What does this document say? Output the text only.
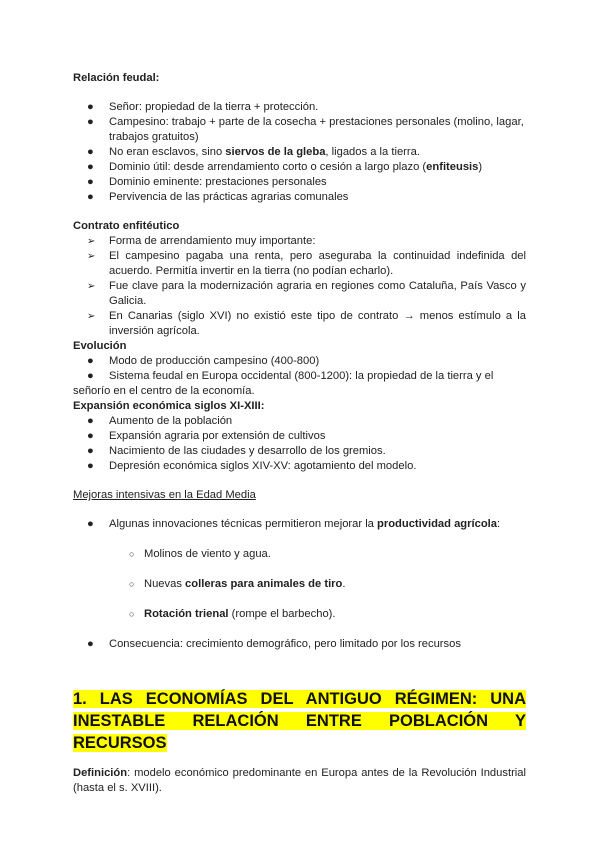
Relación feudal:
● Señor: propiedad de la tierra + protección.
● Campesino: trabajo + parte de la cosecha + prestaciones personales (molino, lagar, trabajos gratuitos)
● No eran esclavos, sino siervos de la gleba, ligados a la tierra.
● Dominio útil: desde arrendamiento corto o cesión a largo plazo (enfiteusis)
● Dominio eminente: prestaciones personales
● Pervivencia de las prácticas agrarias comunales
Contrato enfitéutico
➢ Forma de arrendamiento muy importante:
➢ El campesino pagaba una renta, pero aseguraba la continuidad indefinida del acuerdo. Permitía invertir en la tierra (no podían echarlo).
➢ Fue clave para la modernización agraria en regiones como Cataluña, País Vasco y Galicia.
➢ En Canarias (siglo XVI) no existió este tipo de contrato → menos estímulo a la inversión agrícola.
Evolución
● Modo de producción campesino (400-800)
●	Sistema feudal en Europa occidental (800-1200): la propiedad de la tierra y el señorío en el centro de la economía.
Expansión económica siglos XI-XIII:
● Aumento de la población
● Expansión agraria por extensión de cultivos
● Nacimiento de las ciudades y desarrollo de los gremios.
● Depresión económica siglos XIV-XV: agotamiento del modelo.
Mejoras intensivas en la Edad Media
● Algunas innovaciones técnicas permitieron mejorar la productividad agrícola:
○ Molinos de viento y agua.
○ Nuevas colleras para animales de tiro.
○ Rotación trienal (rompe el barbecho).
● Consecuencia: crecimiento demográfico, pero limitado por los recursos
1. LAS ECONOMÍAS DEL ANTIGUO RÉGIMEN: UNA INESTABLE RELACIÓN ENTRE POBLACIÓN Y RECURSOS
Definición: modelo económico predominante en Europa antes de la Revolución Industrial (hasta el s. XVIII).
